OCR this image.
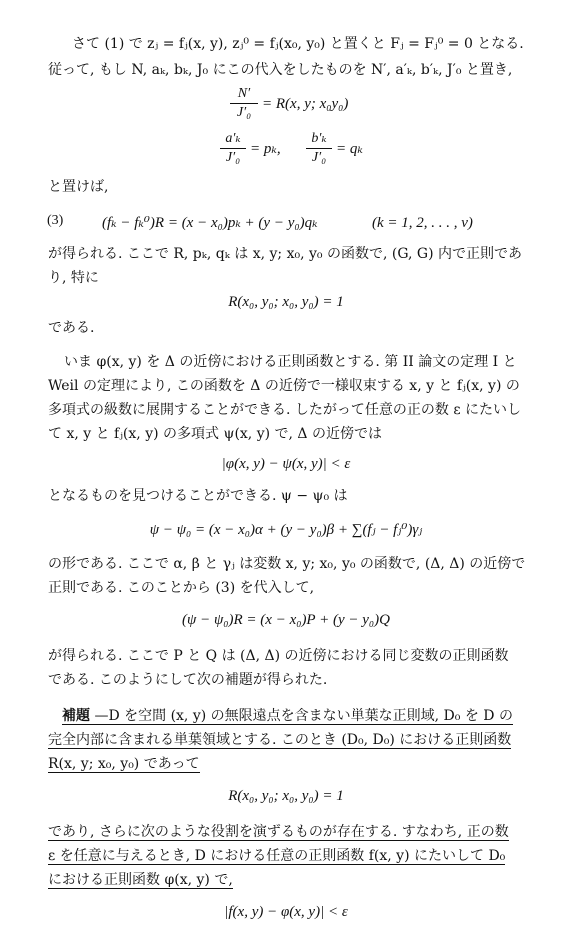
さて (1) で zⱼ = fⱼ(x, y), zⱼ⁰ = fⱼ(x₀, y₀) と置くと Fⱼ = Fⱼ⁰ = 0 となる.
従って, もし N, aₖ, bₖ, J₀ にこの代入をしたものを N′, a′ₖ, b′ₖ, J′₀ と置き,
N′
J′₀
= R(x, y; x₀y₀)
a′ₖ
J′₀
= pₖ,
b′ₖ
J′₀
= qₖ
と置けば,
(3)	(fₖ − fₖ⁰)R = (x − x₀)pₖ + (y − y₀)qₖ	(k = 1, 2, . . . , ν)
が得られる. ここで R, pₖ, qₖ は x, y; x₀, y₀ の函数で, (G, G) 内で正則であ
り, 特に
R(x₀, y₀; x₀, y₀) = 1
である.
いま φ(x, y) を Δ の近傍における正則函数とする. 第 II 論文の定理 I と
Weil の定理により, この函数を Δ の近傍で一様収束する x, y と fⱼ(x, y) の
多項式の級数に展開することができる. したがって任意の正の数 ε にたいし
て x, y と fⱼ(x, y) の多項式 ψ(x, y) で, Δ の近傍では
|φ(x, y) − ψ(x, y)| < ε
となるものを見つけることができる. ψ − ψ₀ は
ψ − ψ₀ = (x − x₀)α + (y − y₀)β + ∑(fⱼ − fⱼ⁰)γⱼ
の形である. ここで α, β と γⱼ は変数 x, y; x₀, y₀ の函数で, (Δ, Δ) の近傍で
正則である. このことから (3) を代入して,
(ψ − ψ₀)R = (x − x₀)P + (y − y₀)Q
が得られる. ここで P と Q は (Δ, Δ) の近傍における同じ変数の正則函数
である. このようにして次の補題が得られた.
補題 —D を空間 (x, y) の無限遠点を含まない単葉な正則域, D₀ を D の
完全内部に含まれる単葉領域とする. このとき (D₀, D₀) における正則函数
R(x, y; x₀, y₀) であって
R(x₀, y₀; x₀, y₀) = 1
であり, さらに次のような役割を演ずるものが存在する. すなわち, 正の数
ε を任意に与えるとき, D における任意の正則函数 f(x, y) にたいして D₀
における正則函数 φ(x, y) で,
|f(x, y) − φ(x, y)| < ε
